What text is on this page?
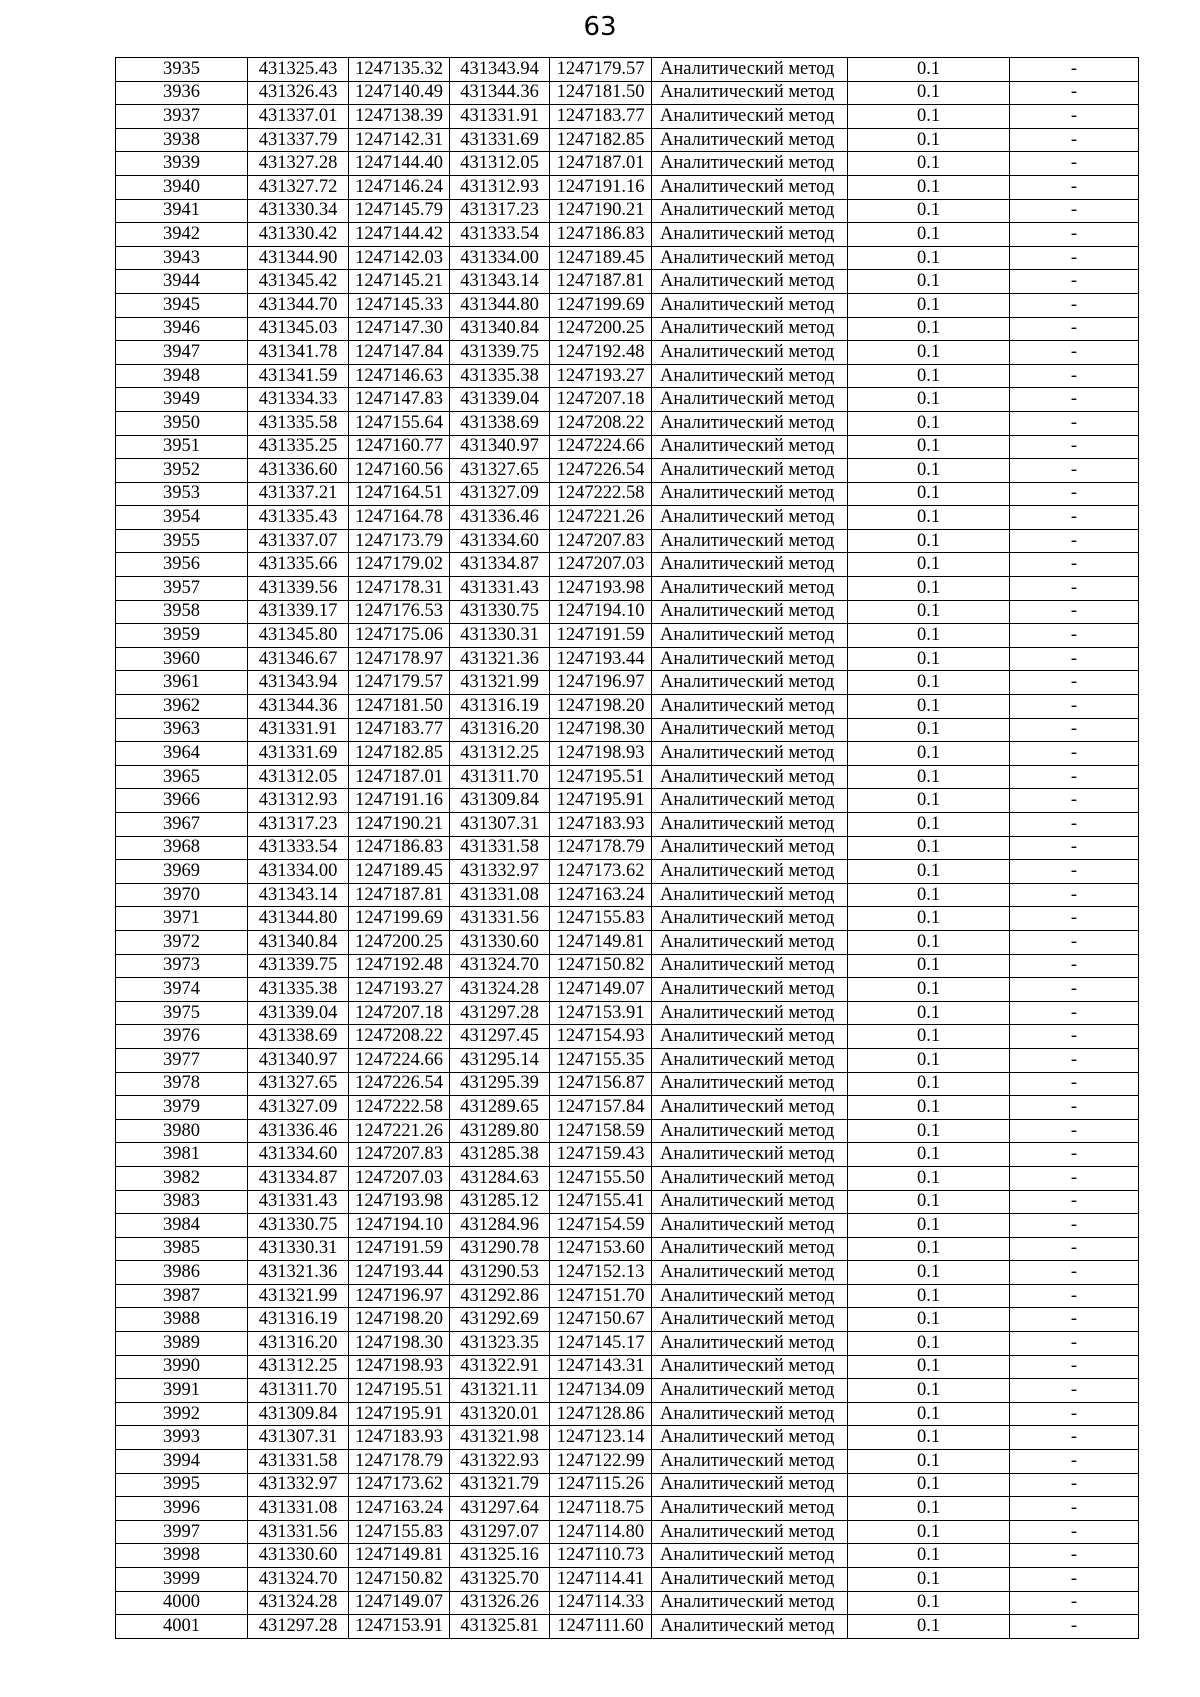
63
3935	431325.43	1247135.32	431343.94	1247179.57	Аналитический метод	0.1	-
3936	431326.43	1247140.49	431344.36	1247181.50	Аналитический метод	0.1	-
3937	431337.01	1247138.39	431331.91	1247183.77	Аналитический метод	0.1	-
3938	431337.79	1247142.31	431331.69	1247182.85	Аналитический метод	0.1	-
3939	431327.28	1247144.40	431312.05	1247187.01	Аналитический метод	0.1	-
3940	431327.72	1247146.24	431312.93	1247191.16	Аналитический метод	0.1	-
3941	431330.34	1247145.79	431317.23	1247190.21	Аналитический метод	0.1	-
3942	431330.42	1247144.42	431333.54	1247186.83	Аналитический метод	0.1	-
3943	431344.90	1247142.03	431334.00	1247189.45	Аналитический метод	0.1	-
3944	431345.42	1247145.21	431343.14	1247187.81	Аналитический метод	0.1	-
3945	431344.70	1247145.33	431344.80	1247199.69	Аналитический метод	0.1	-
3946	431345.03	1247147.30	431340.84	1247200.25	Аналитический метод	0.1	-
3947	431341.78	1247147.84	431339.75	1247192.48	Аналитический метод	0.1	-
3948	431341.59	1247146.63	431335.38	1247193.27	Аналитический метод	0.1	-
3949	431334.33	1247147.83	431339.04	1247207.18	Аналитический метод	0.1	-
3950	431335.58	1247155.64	431338.69	1247208.22	Аналитический метод	0.1	-
3951	431335.25	1247160.77	431340.97	1247224.66	Аналитический метод	0.1	-
3952	431336.60	1247160.56	431327.65	1247226.54	Аналитический метод	0.1	-
3953	431337.21	1247164.51	431327.09	1247222.58	Аналитический метод	0.1	-
3954	431335.43	1247164.78	431336.46	1247221.26	Аналитический метод	0.1	-
3955	431337.07	1247173.79	431334.60	1247207.83	Аналитический метод	0.1	-
3956	431335.66	1247179.02	431334.87	1247207.03	Аналитический метод	0.1	-
3957	431339.56	1247178.31	431331.43	1247193.98	Аналитический метод	0.1	-
3958	431339.17	1247176.53	431330.75	1247194.10	Аналитический метод	0.1	-
3959	431345.80	1247175.06	431330.31	1247191.59	Аналитический метод	0.1	-
3960	431346.67	1247178.97	431321.36	1247193.44	Аналитический метод	0.1	-
3961	431343.94	1247179.57	431321.99	1247196.97	Аналитический метод	0.1	-
3962	431344.36	1247181.50	431316.19	1247198.20	Аналитический метод	0.1	-
3963	431331.91	1247183.77	431316.20	1247198.30	Аналитический метод	0.1	-
3964	431331.69	1247182.85	431312.25	1247198.93	Аналитический метод	0.1	-
3965	431312.05	1247187.01	431311.70	1247195.51	Аналитический метод	0.1	-
3966	431312.93	1247191.16	431309.84	1247195.91	Аналитический метод	0.1	-
3967	431317.23	1247190.21	431307.31	1247183.93	Аналитический метод	0.1	-
3968	431333.54	1247186.83	431331.58	1247178.79	Аналитический метод	0.1	-
3969	431334.00	1247189.45	431332.97	1247173.62	Аналитический метод	0.1	-
3970	431343.14	1247187.81	431331.08	1247163.24	Аналитический метод	0.1	-
3971	431344.80	1247199.69	431331.56	1247155.83	Аналитический метод	0.1	-
3972	431340.84	1247200.25	431330.60	1247149.81	Аналитический метод	0.1	-
3973	431339.75	1247192.48	431324.70	1247150.82	Аналитический метод	0.1	-
3974	431335.38	1247193.27	431324.28	1247149.07	Аналитический метод	0.1	-
3975	431339.04	1247207.18	431297.28	1247153.91	Аналитический метод	0.1	-
3976	431338.69	1247208.22	431297.45	1247154.93	Аналитический метод	0.1	-
3977	431340.97	1247224.66	431295.14	1247155.35	Аналитический метод	0.1	-
3978	431327.65	1247226.54	431295.39	1247156.87	Аналитический метод	0.1	-
3979	431327.09	1247222.58	431289.65	1247157.84	Аналитический метод	0.1	-
3980	431336.46	1247221.26	431289.80	1247158.59	Аналитический метод	0.1	-
3981	431334.60	1247207.83	431285.38	1247159.43	Аналитический метод	0.1	-
3982	431334.87	1247207.03	431284.63	1247155.50	Аналитический метод	0.1	-
3983	431331.43	1247193.98	431285.12	1247155.41	Аналитический метод	0.1	-
3984	431330.75	1247194.10	431284.96	1247154.59	Аналитический метод	0.1	-
3985	431330.31	1247191.59	431290.78	1247153.60	Аналитический метод	0.1	-
3986	431321.36	1247193.44	431290.53	1247152.13	Аналитический метод	0.1	-
3987	431321.99	1247196.97	431292.86	1247151.70	Аналитический метод	0.1	-
3988	431316.19	1247198.20	431292.69	1247150.67	Аналитический метод	0.1	-
3989	431316.20	1247198.30	431323.35	1247145.17	Аналитический метод	0.1	-
3990	431312.25	1247198.93	431322.91	1247143.31	Аналитический метод	0.1	-
3991	431311.70	1247195.51	431321.11	1247134.09	Аналитический метод	0.1	-
3992	431309.84	1247195.91	431320.01	1247128.86	Аналитический метод	0.1	-
3993	431307.31	1247183.93	431321.98	1247123.14	Аналитический метод	0.1	-
3994	431331.58	1247178.79	431322.93	1247122.99	Аналитический метод	0.1	-
3995	431332.97	1247173.62	431321.79	1247115.26	Аналитический метод	0.1	-
3996	431331.08	1247163.24	431297.64	1247118.75	Аналитический метод	0.1	-
3997	431331.56	1247155.83	431297.07	1247114.80	Аналитический метод	0.1	-
3998	431330.60	1247149.81	431325.16	1247110.73	Аналитический метод	0.1	-
3999	431324.70	1247150.82	431325.70	1247114.41	Аналитический метод	0.1	-
4000	431324.28	1247149.07	431326.26	1247114.33	Аналитический метод	0.1	-
4001	431297.28	1247153.91	431325.81	1247111.60	Аналитический метод	0.1	-
